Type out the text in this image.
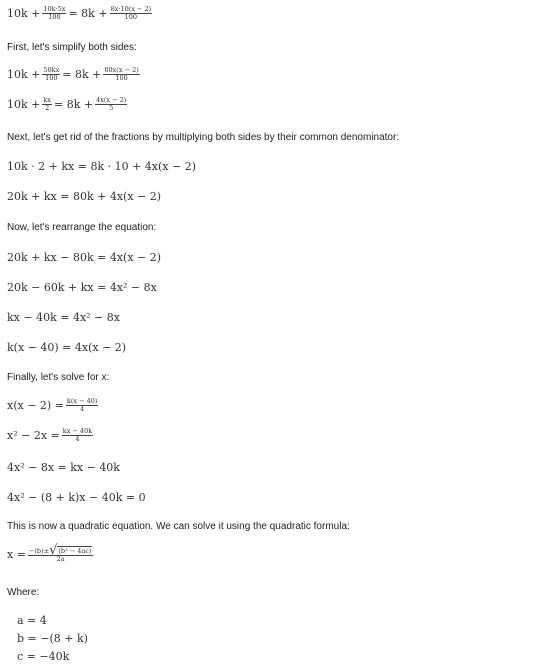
$10k + \frac{10k\cdot 5x}{100} = 8k + \frac{8x\cdot 10(x - 2)}{100}$
First, let's simplify both sides:
$10k + \frac{50kx}{100} = 8k + \frac{80x(x - 2)}{100}$
$10k + \frac{kx}{2} = 8k + \frac{4x(x - 2)}{5}$
Next, let's get rid of the fractions by multiplying both sides by their common denominator:
10k · 2 + kx = 8k · 10 + 4x(x − 2)
20k + kx = 80k + 4x(x − 2)
Now, let's rearrange the equation:
20k + kx − 80k = 4x(x − 2)
20k − 60k + kx = 4x² − 8x
kx − 40k = 4x² − 8x
k(x − 40) = 4x(x − 2)
Finally, let's solve for x:
$x(x - 2) = \frac{k(x - 40)}{4}$
$x^2 - 2x = \frac{kx - 40k}{4}$
4x² − 8x = kx − 40k
4x² − (8 + k)x − 40k = 0
This is now a quadratic equation. We can solve it using the quadratic formula:
$x = \frac{\text{−(b)± √ (b² − 4ac)}}{2a}$
Where:
a = 4
b = −(8 + k)
c = −40k
